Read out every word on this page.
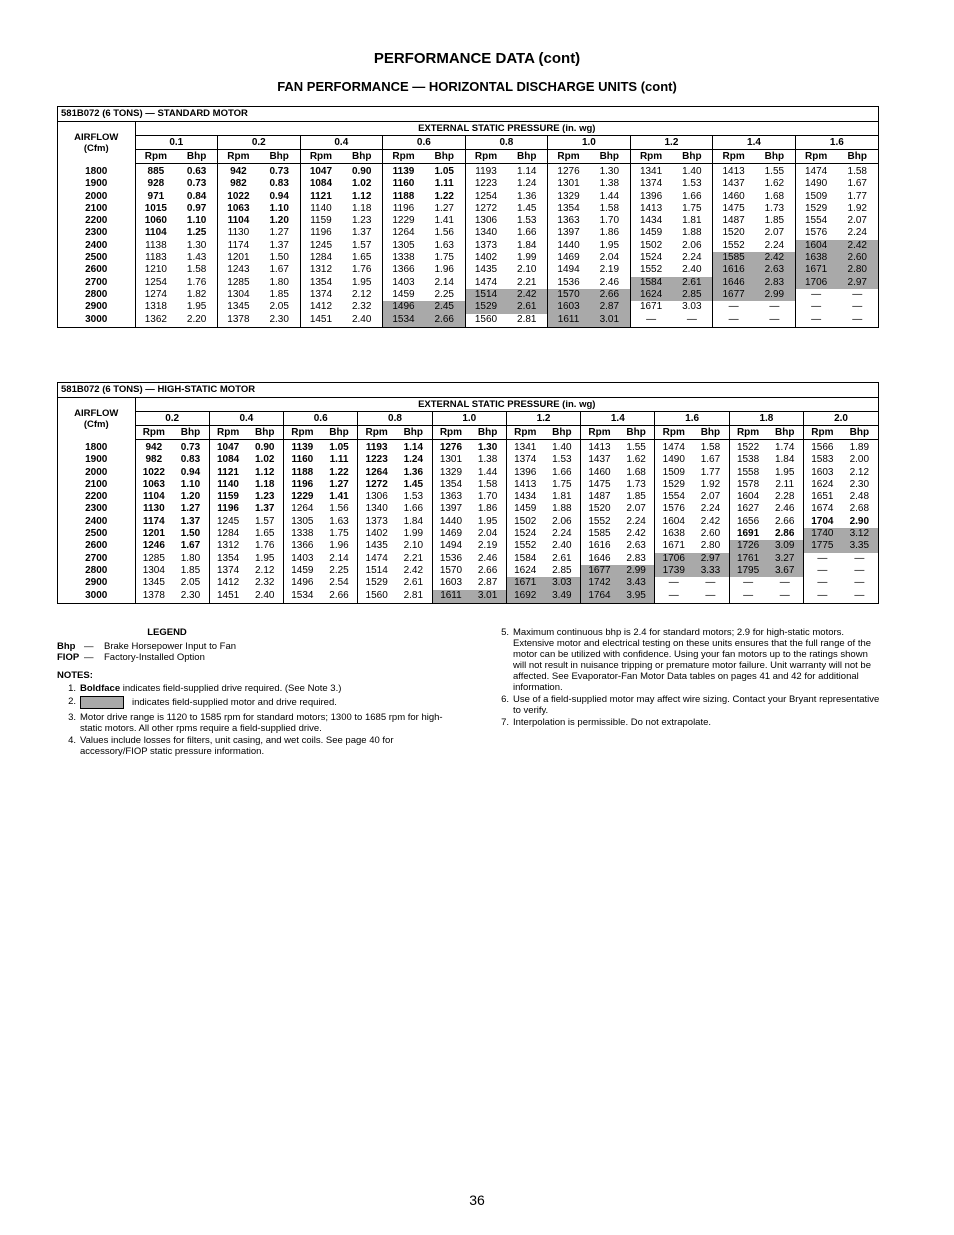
PERFORMANCE DATA (cont)
FAN PERFORMANCE — HORIZONTAL DISCHARGE UNITS (cont)
581B072 (6 TONS) — STANDARD MOTOR
AIRFLOW
(Cfm)	EXTERNAL STATIC PRESSURE (in. wg)																	
	0.1		0.2		0.4		0.6		0.8		1.0		1.2		1.4		1.6	
	Rpm	Bhp	Rpm	Bhp	Rpm	Bhp	Rpm	Bhp	Rpm	Bhp	Rpm	Bhp	Rpm	Bhp	Rpm	Bhp	Rpm	Bhp
1800	885	0.63	942	0.73	1047	0.90	1139	1.05	1193	1.14	1276	1.30	1341	1.40	1413	1.55	1474	1.58
1900	928	0.73	982	0.83	1084	1.02	1160	1.11	1223	1.24	1301	1.38	1374	1.53	1437	1.62	1490	1.67
2000	971	0.84	1022	0.94	1121	1.12	1188	1.22	1254	1.36	1329	1.44	1396	1.66	1460	1.68	1509	1.77
2100	1015	0.97	1063	1.10	1140	1.18	1196	1.27	1272	1.45	1354	1.58	1413	1.75	1475	1.73	1529	1.92
2200	1060	1.10	1104	1.20	1159	1.23	1229	1.41	1306	1.53	1363	1.70	1434	1.81	1487	1.85	1554	2.07
2300	1104	1.25	1130	1.27	1196	1.37	1264	1.56	1340	1.66	1397	1.86	1459	1.88	1520	2.07	1576	2.24
2400	1138	1.30	1174	1.37	1245	1.57	1305	1.63	1373	1.84	1440	1.95	1502	2.06	1552	2.24	1604	2.42
2500	1183	1.43	1201	1.50	1284	1.65	1338	1.75	1402	1.99	1469	2.04	1524	2.24	1585	2.42	1638	2.60
2600	1210	1.58	1243	1.67	1312	1.76	1366	1.96	1435	2.10	1494	2.19	1552	2.40	1616	2.63	1671	2.80
2700	1254	1.76	1285	1.80	1354	1.95	1403	2.14	1474	2.21	1536	2.46	1584	2.61	1646	2.83	1706	2.97
2800	1274	1.82	1304	1.85	1374	2.12	1459	2.25	1514	2.42	1570	2.66	1624	2.85	1677	2.99	—	—
2900	1318	1.95	1345	2.05	1412	2.32	1496	2.45	1529	2.61	1603	2.87	1671	3.03	—	—	—	—
3000	1362	2.20	1378	2.30	1451	2.40	1534	2.66	1560	2.81	1611	3.01	—	—	—	—	—	—
581B072 (6 TONS) — HIGH-STATIC MOTOR
AIRFLOW
(Cfm)	EXTERNAL STATIC PRESSURE (in. wg)																			
	0.2		0.4		0.6		0.8		1.0		1.2		1.4		1.6		1.8		2.0	
	Rpm	Bhp	Rpm	Bhp	Rpm	Bhp	Rpm	Bhp	Rpm	Bhp	Rpm	Bhp	Rpm	Bhp	Rpm	Bhp	Rpm	Bhp	Rpm	Bhp
1800	942	0.73	1047	0.90	1139	1.05	1193	1.14	1276	1.30	1341	1.40	1413	1.55	1474	1.58	1522	1.74	1566	1.89
1900	982	0.83	1084	1.02	1160	1.11	1223	1.24	1301	1.38	1374	1.53	1437	1.62	1490	1.67	1538	1.84	1583	2.00
2000	1022	0.94	1121	1.12	1188	1.22	1264	1.36	1329	1.44	1396	1.66	1460	1.68	1509	1.77	1558	1.95	1603	2.12
2100	1063	1.10	1140	1.18	1196	1.27	1272	1.45	1354	1.58	1413	1.75	1475	1.73	1529	1.92	1578	2.11	1624	2.30
2200	1104	1.20	1159	1.23	1229	1.41	1306	1.53	1363	1.70	1434	1.81	1487	1.85	1554	2.07	1604	2.28	1651	2.48
2300	1130	1.27	1196	1.37	1264	1.56	1340	1.66	1397	1.86	1459	1.88	1520	2.07	1576	2.24	1627	2.46	1674	2.68
2400	1174	1.37	1245	1.57	1305	1.63	1373	1.84	1440	1.95	1502	2.06	1552	2.24	1604	2.42	1656	2.66	1704	2.90
2500	1201	1.50	1284	1.65	1338	1.75	1402	1.99	1469	2.04	1524	2.24	1585	2.42	1638	2.60	1691	2.86	1740	3.12
2600	1246	1.67	1312	1.76	1366	1.96	1435	2.10	1494	2.19	1552	2.40	1616	2.63	1671	2.80	1726	3.09	1775	3.35
2700	1285	1.80	1354	1.95	1403	2.14	1474	2.21	1536	2.46	1584	2.61	1646	2.83	1706	2.97	1761	3.27	—	—
2800	1304	1.85	1374	2.12	1459	2.25	1514	2.42	1570	2.66	1624	2.85	1677	2.99	1739	3.33	1795	3.67	—	—
2900	1345	2.05	1412	2.32	1496	2.54	1529	2.61	1603	2.87	1671	3.03	1742	3.43	—	—	—	—	—	—
3000	1378	2.30	1451	2.40	1534	2.66	1560	2.81	1611	3.01	1692	3.49	1764	3.95	—	—	—	—	—	—
LEGEND
Bhp —	Brake Horsepower Input to Fan
FIOP —	Factory-Installed Option
NOTES:
1. Boldface indicates field-supplied drive required. (See Note 3.)
2.	indicates field-supplied motor and drive required.
3. Motor drive range is 1120 to 1585 rpm for standard motors; 1300 to 1685 rpm for high-static motors. All other rpms require a field-supplied drive.
4. Values include losses for filters, unit casing, and wet coils. See page 40 for accessory/FIOP static pressure information.
5. Maximum continuous bhp is 2.4 for standard motors; 2.9 for high-static motors. Extensive motor and electrical testing on these units ensures that the full range of the motor can be utilized with confidence. Using your fan motors up to the ratings shown will not result in nuisance tripping or premature motor failure. Unit warranty will not be affected. See Evaporator-Fan Motor Data tables on pages 41 and 42 for additional information.
6. Use of a field-supplied motor may affect wire sizing. Contact your Bryant representative to verify.
7. Interpolation is permissible. Do not extrapolate.
36
